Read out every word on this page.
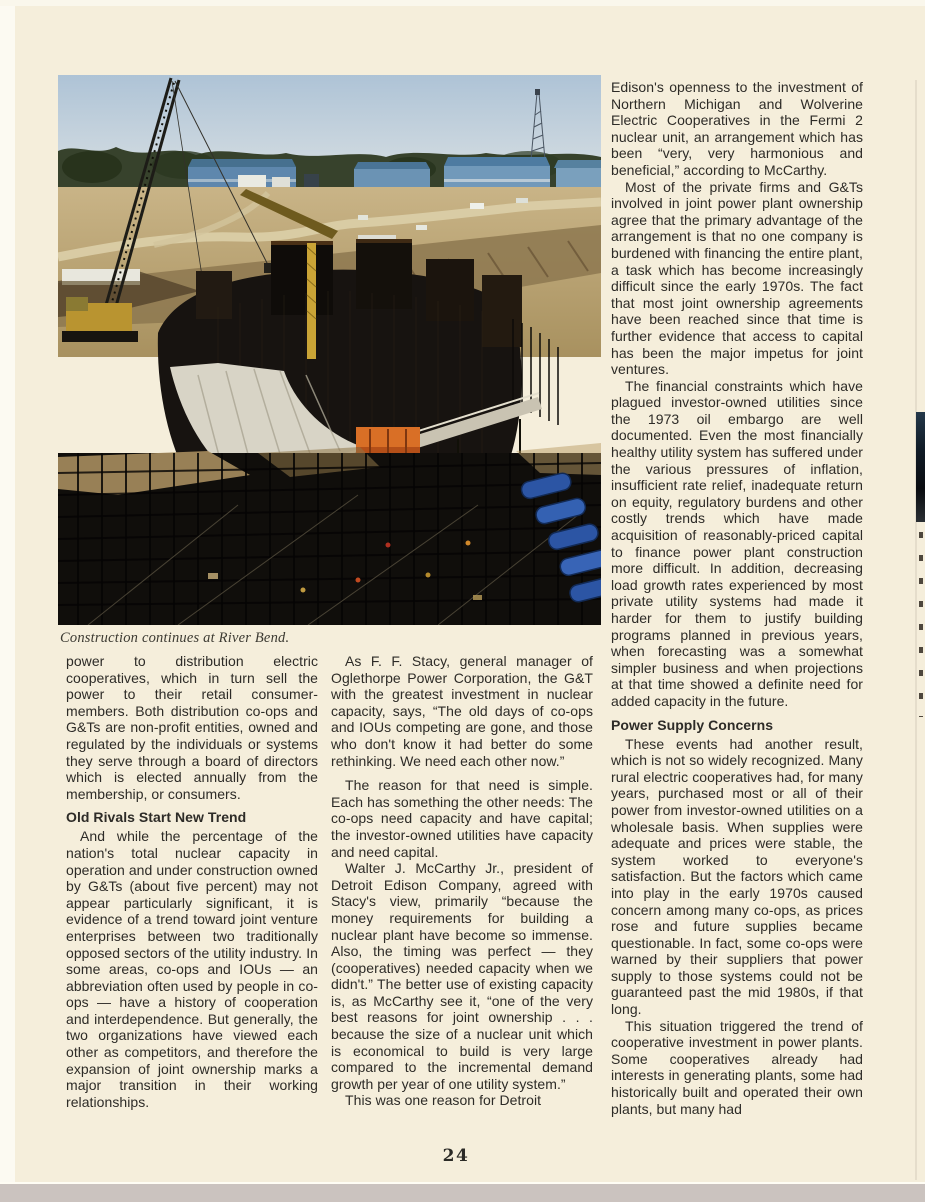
Construction continues at River Bend.

power to distribution electric cooperatives, which in turn sell the power to their retail consumer-members. Both distribution co-ops and G&Ts are non-profit entities, owned and regulated by the individuals or systems they serve through a board of directors which is elected annually from the membership, or consumers.

Old Rivals Start New Trend

And while the percentage of the nation's total nuclear capacity in operation and under construction owned by G&Ts (about five percent) may not appear particularly significant, it is evidence of a trend toward joint venture enterprises between two traditionally opposed sectors of the utility industry. In some areas, co-ops and IOUs — an abbreviation often used by people in co-ops — have a history of cooperation and interdependence. But generally, the two organizations have viewed each other as competitors, and therefore the expansion of joint ownership marks a major transition in their working relationships.

As F. F. Stacy, general manager of Oglethorpe Power Corporation, the G&T with the greatest investment in nuclear capacity, says, “The old days of co-ops and IOUs competing are gone, and those who don't know it had better do some rethinking. We need each other now.”

The reason for that need is simple. Each has something the other needs: The co-ops need capacity and have capital; the investor-owned utilities have capacity and need capital.

Walter J. McCarthy Jr., president of Detroit Edison Company, agreed with Stacy's view, primarily “because the money requirements for building a nuclear plant have become so immense. Also, the timing was perfect — they (cooperatives) needed capacity when we didn't.” The better use of existing capacity is, as McCarthy see it, “one of the very best reasons for joint ownership . . . because the size of a nuclear unit which is economical to build is very large compared to the incremental demand growth per year of one utility system.”

This was one reason for Detroit

Edison's openness to the investment of Northern Michigan and Wolverine Electric Cooperatives in the Fermi 2 nuclear unit, an arrangement which has been “very, very harmonious and beneficial,” according to McCarthy.

Most of the private firms and G&Ts involved in joint power plant ownership agree that the primary advantage of the arrangement is that no one company is burdened with financing the entire plant, a task which has become increasingly difficult since the early 1970s. The fact that most joint ownership agreements have been reached since that time is further evidence that access to capital has been the major impetus for joint ventures.

The financial constraints which have plagued investor-owned utilities since the 1973 oil embargo are well documented. Even the most financially healthy utility system has suffered under the various pressures of inflation, insufficient rate relief, inadequate return on equity, regulatory burdens and other costly trends which have made acquisition of reasonably-priced capital to finance power plant construction more difficult. In addition, decreasing load growth rates experienced by most private utility systems had made it harder for them to justify building programs planned in previous years, when forecasting was a somewhat simpler business and when projections at that time showed a definite need for added capacity in the future.

Power Supply Concerns

These events had another result, which is not so widely recognized. Many rural electric cooperatives had, for many years, purchased most or all of their power from investor-owned utilities on a wholesale basis. When supplies were adequate and prices were stable, the system worked to everyone's satisfaction. But the factors which came into play in the early 1970s caused concern among many co-ops, as prices rose and future supplies became questionable. In fact, some co-ops were warned by their suppliers that power supply to those systems could not be guaranteed past the mid 1980s, if that long.

This situation triggered the trend of cooperative investment in power plants. Some cooperatives already had interests in generating plants, some had historically built and operated their own plants, but many had

24
